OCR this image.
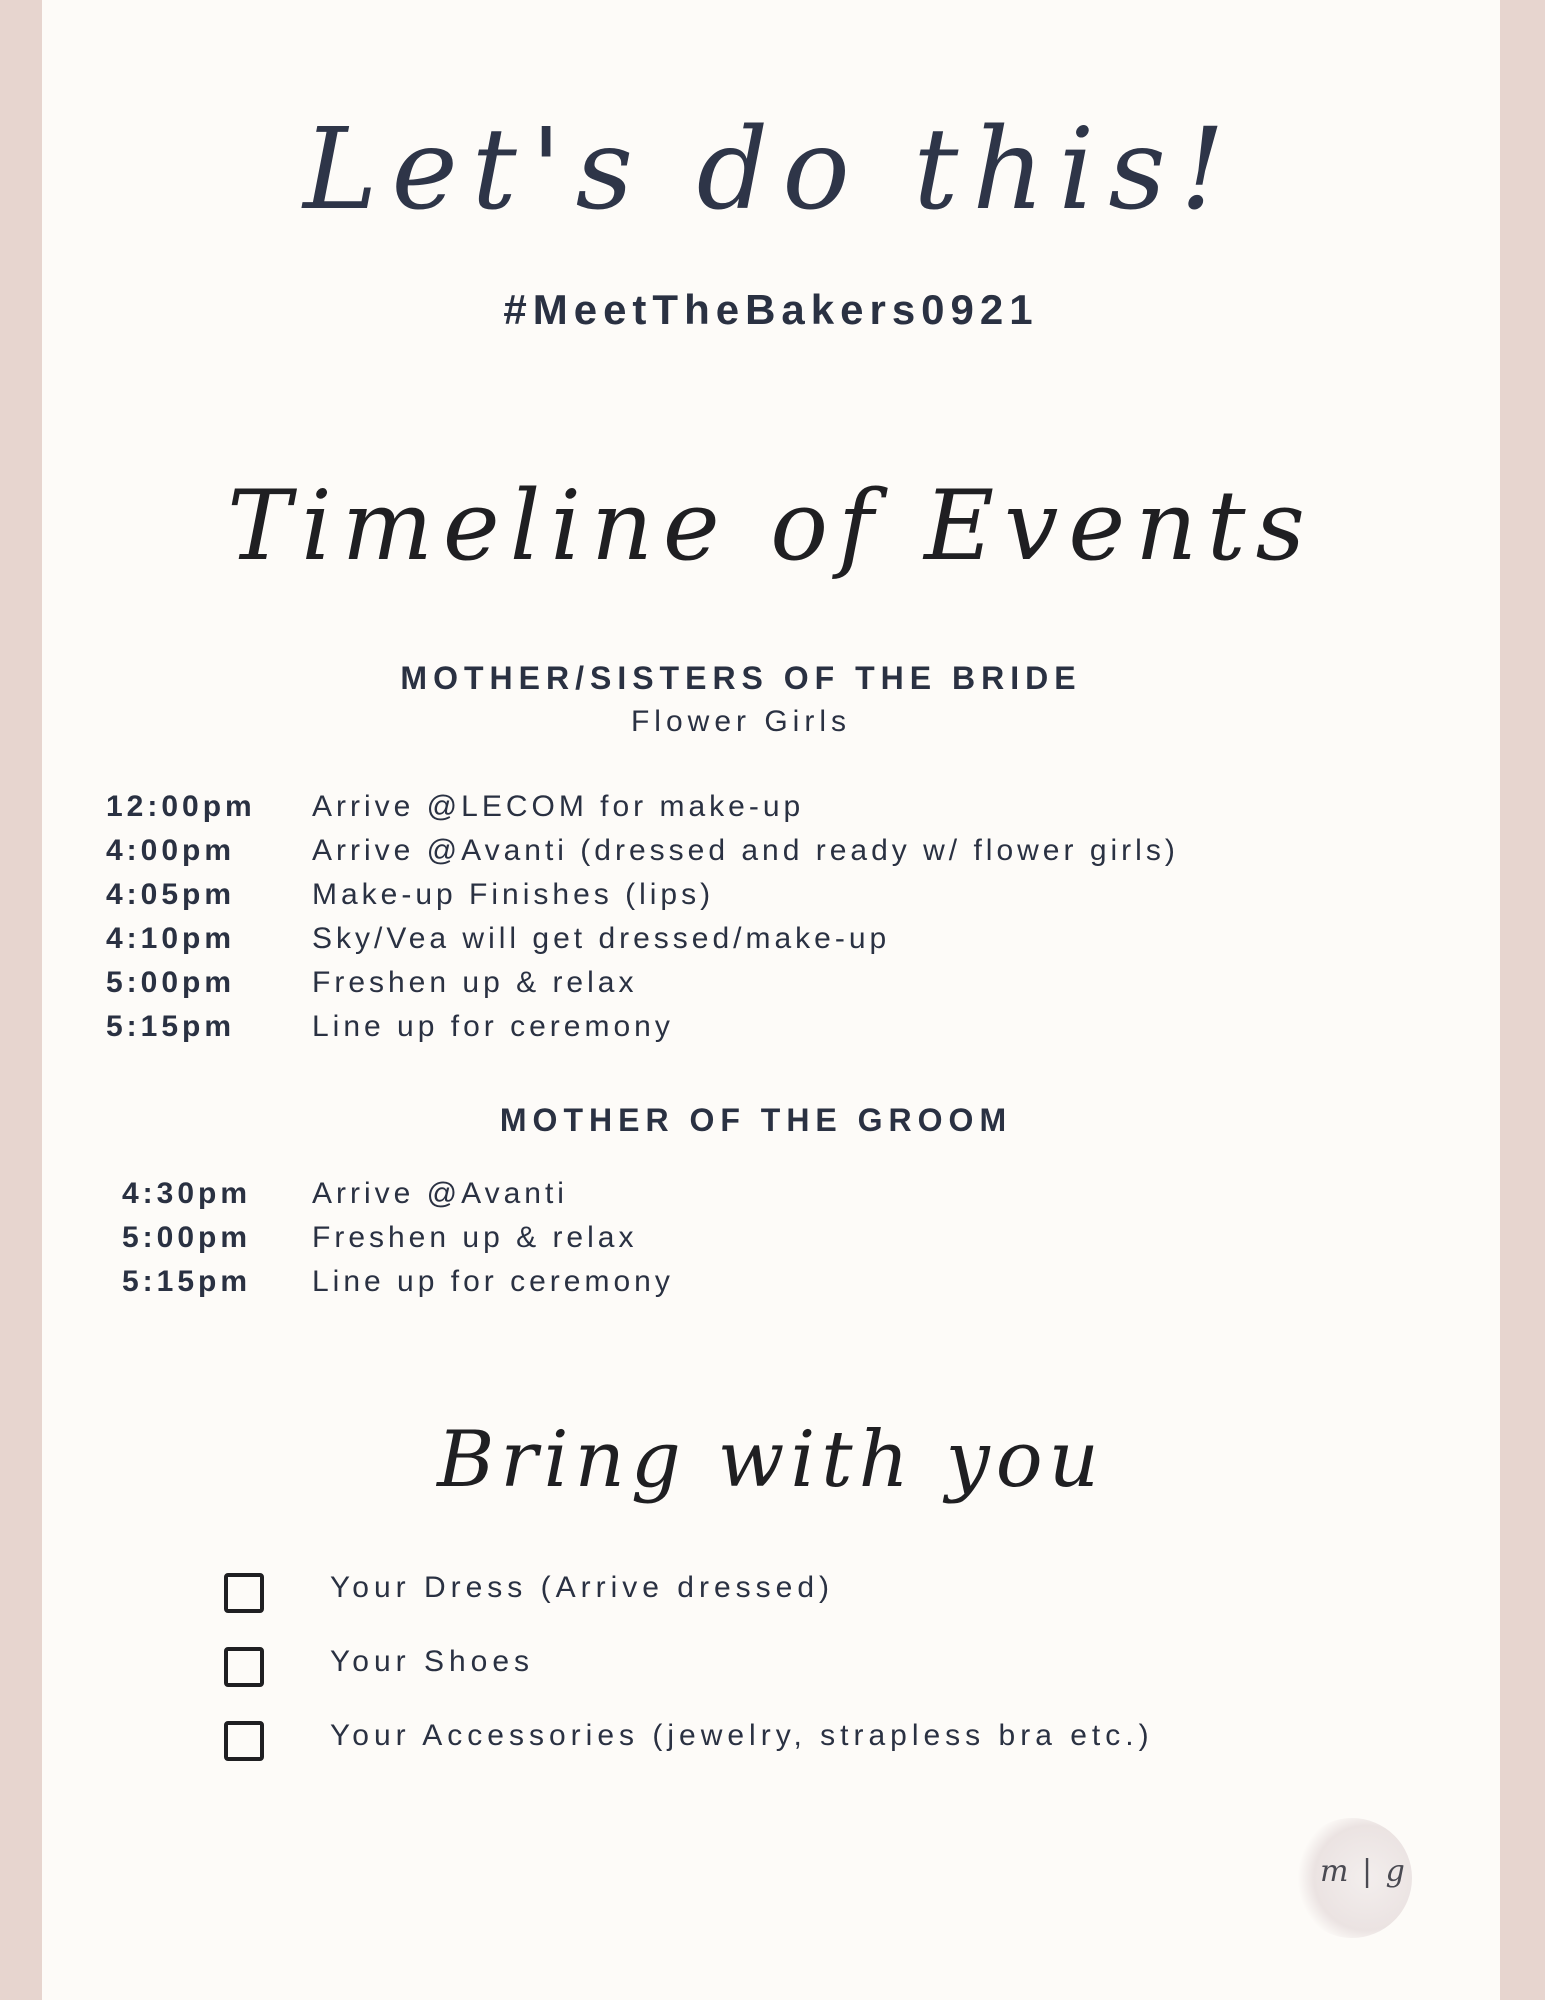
Let's do this!
#MeetTheBakers0921
Timeline of Events
MOTHER/SISTERS OF THE BRIDE
Flower Girls
12:00pm Arrive @LECOM for make-up
4:00pm	Arrive @Avanti (dressed and ready w/ flower girls)
4:05pm	Make-up Finishes (lips)
4:10pm	Sky/Vea will get dressed/make-up
5:00pm	Freshen up & relax
5:15pm	Line up for ceremony
MOTHER OF THE GROOM
4:30pm Arrive @Avanti
5:00pm Freshen up & relax
5:15pm Line up for ceremony
Bring with you
Your Dress (Arrive dressed)
Your Shoes
Your Accessories (jewelry, strapless bra etc.)
m | g
